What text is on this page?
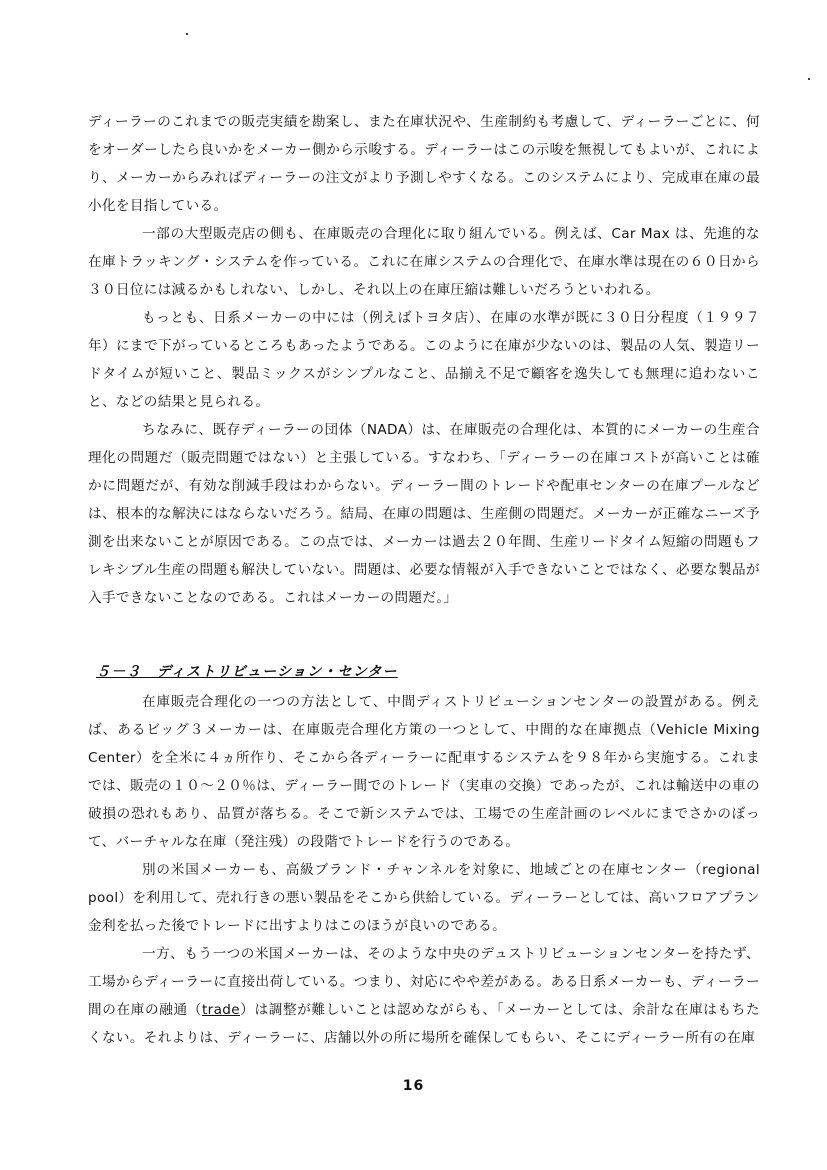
ディーラーのこれまでの販売実績を勘案し、また在庫状況や、生産制約も考慮して、ディーラーごとに、何をオーダーしたら良いかをメーカー側から示唆する。ディーラーはこの示唆を無視してもよいが、これにより、メーカーからみればディーラーの注文がより予測しやすくなる。このシステムにより、完成車在庫の最小化を目指している。

一部の大型販売店の側も、在庫販売の合理化に取り組んでいる。例えば、Car Max は、先進的な在庫トラッキング・システムを作っている。これに在庫システムの合理化で、在庫水準は現在の６０日から３０日位には減るかもしれない、しかし、それ以上の在庫圧縮は難しいだろうといわれる。

もっとも、日系メーカーの中には（例えばトヨタ店）、在庫の水準が既に３０日分程度（１９９７年）にまで下がっているところもあったようである。このように在庫が少ないのは、製品の人気、製造リードタイムが短いこと、製品ミックスがシンプルなこと、品揃え不足で顧客を逸失しても無理に追わないこと、などの結果と見られる。

ちなみに、既存ディーラーの団体（NADA）は、在庫販売の合理化は、本質的にメーカーの生産合理化の問題だ（販売問題ではない）と主張している。すなわち、「ディーラーの在庫コストが高いことは確かに問題だが、有効な削減手段はわからない。ディーラー間のトレードや配車センターの在庫プールなどは、根本的な解決にはならないだろう。結局、在庫の問題は、生産側の問題だ。メーカーが正確なニーズ予測を出来ないことが原因である。この点では、メーカーは過去２０年間、生産リードタイム短縮の問題もフレキシブル生産の問題も解決していない。問題は、必要な情報が入手できないことではなく、必要な製品が入手できないことなのである。これはメーカーの問題だ。」

５－３　ディストリビューション・センター

在庫販売合理化の一つの方法として、中間ディストリビューションセンターの設置がある。例えば、あるビッグ３メーカーは、在庫販売合理化方策の一つとして、中間的な在庫拠点（Vehicle Mixing Center）を全米に４ヵ所作り、そこから各ディーラーに配車するシステムを９８年から実施する。これまでは、販売の１０～２０％は、ディーラー間でのトレード（実車の交換）であったが、これは輸送中の車の破損の恐れもあり、品質が落ちる。そこで新システムでは、工場での生産計画のレベルにまでさかのぼって、バーチャルな在庫（発注残）の段階でトレードを行うのである。

別の米国メーカーも、高級ブランド・チャンネルを対象に、地域ごとの在庫センター（regional pool）を利用して、売れ行きの悪い製品をそこから供給している。ディーラーとしては、高いフロアプラン金利を払った後でトレードに出すよりはこのほうが良いのである。

一方、もう一つの米国メーカーは、そのような中央のデュストリビューションセンターを持たず、工場からディーラーに直接出荷している。つまり、対応にやや差がある。ある日系メーカーも、ディーラー間の在庫の融通（trade）は調整が難しいことは認めながらも、「メーカーとしては、余計な在庫はもちたくない。それよりは、ディーラーに、店舗以外の所に場所を確保してもらい、そこにディーラー所有の在庫

16
